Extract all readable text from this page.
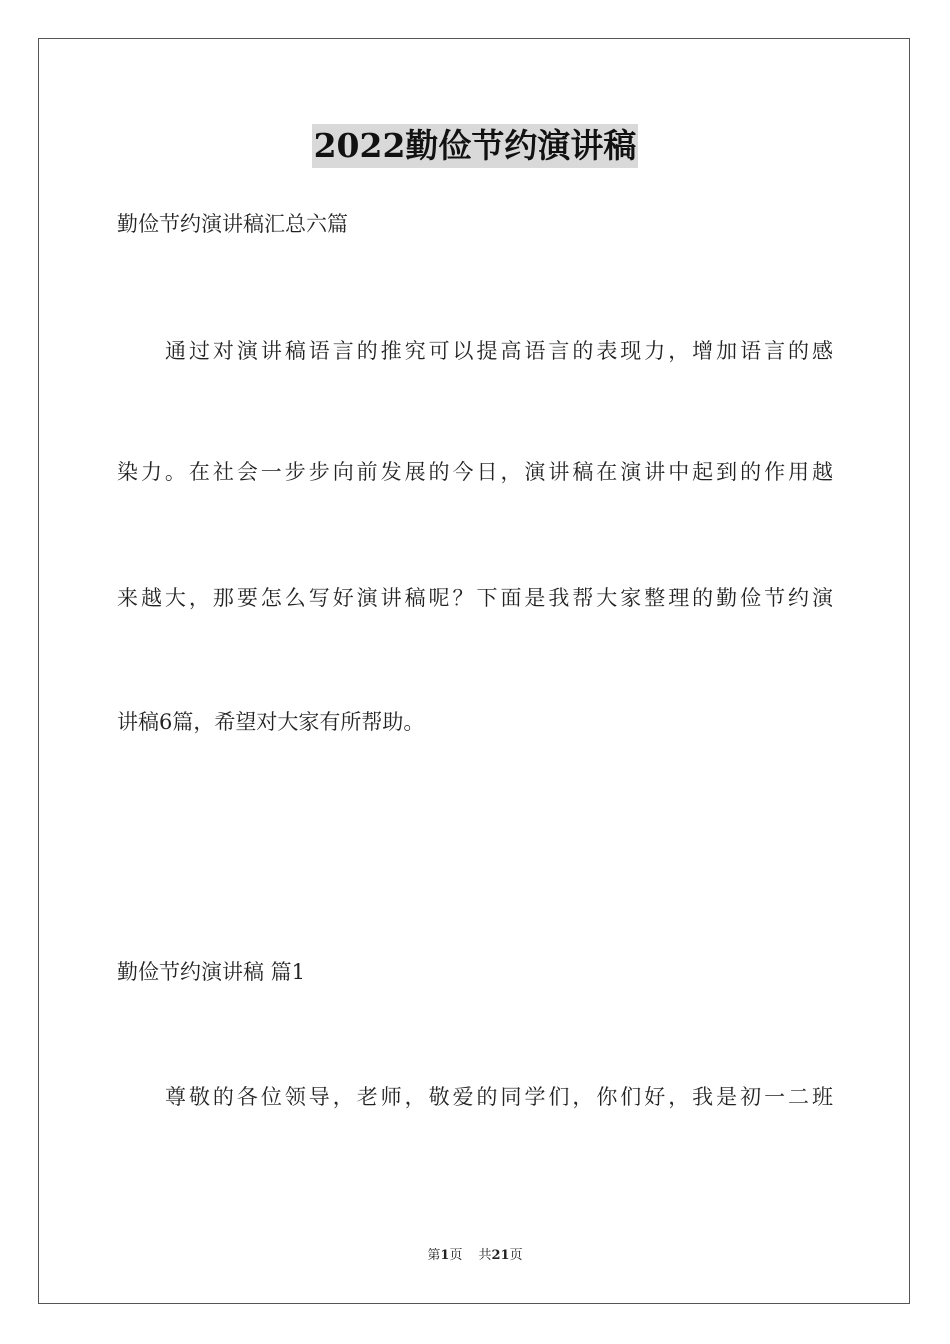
2022勤俭节约演讲稿
勤俭节约演讲稿汇总六篇
通过对演讲稿语言的推究可以提高语言的表现力，增加语言的感
染力。在社会一步步向前发展的今日，演讲稿在演讲中起到的作用越
来越大，那要怎么写好演讲稿呢？下面是我帮大家整理的勤俭节约演
讲稿6篇，希望对大家有所帮助。
勤俭节约演讲稿 篇1
尊敬的各位领导，老师，敬爱的同学们，你们好，我是初一二班
第1页 共21页
